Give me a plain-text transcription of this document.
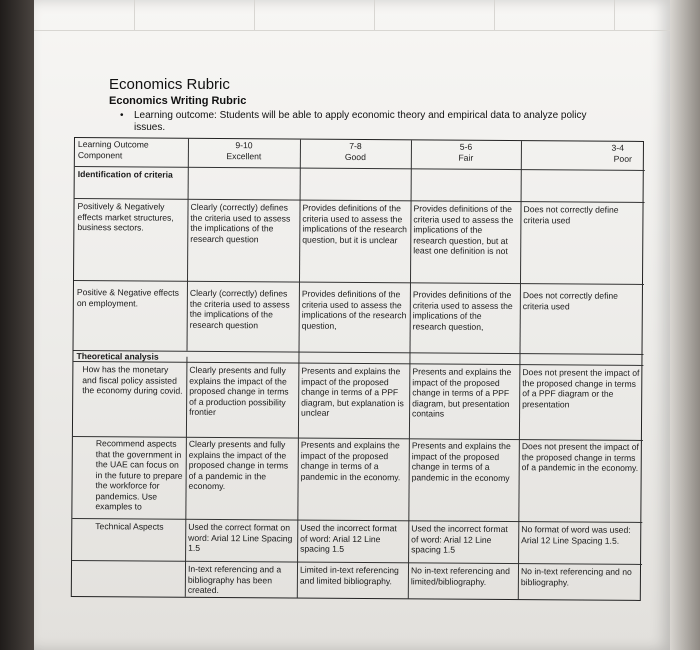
Economics Rubric
Economics Writing Rubric
• Learning outcome: Students will be able to apply economic theory and empirical data to analyze policy issues.
Learning Outcome Component
9-10
Excellent
7-8
Good
5-6
Fair
3-4
Poor
Identification of criteria
Positively & Negatively effects market structures, business sectors.
Clearly (correctly) defines the criteria used to assess the implications of the research question
Provides definitions of the criteria used to assess the implications of the research question, but it is unclear
Provides definitions of the criteria used to assess the implications of the research question, but at least one definition is not
Does not correctly define criteria used
Positive & Negative effects on employment.
Clearly (correctly) defines the criteria used to assess the implications of the research question
Provides definitions of the criteria used to assess the implications of the research question,
Provides definitions of the criteria used to assess the implications of the research question,
Does not correctly define criteria used
Theoretical analysis
How has the monetary and fiscal policy assisted the economy during covid.
Clearly presents and fully explains the impact of the proposed change in terms of a production possibility frontier
Presents and explains the impact of the proposed change in terms of a PPF diagram, but explanation is unclear
Presents and explains the impact of the proposed change in terms of a PPF diagram, but presentation contains
Does not present the impact of the proposed change in terms of a PPF diagram or the presentation
Recommend aspects that the government in the UAE can focus on in the future to prepare the workforce for pandemics. Use examples to
Clearly presents and fully explains the impact of the proposed change in terms of a pandemic in the economy.
Presents and explains the impact of the proposed change in terms of a pandemic in the economy.
Presents and explains the impact of the proposed change in terms of a pandemic in the economy
Does not present the impact of the proposed change in terms of a pandemic in the economy.
Technical Aspects	Used the correct format on word: Arial 12 Line Spacing 1.5
Used the incorrect format of word: Arial 12 Line spacing 1.5
Used the incorrect format of word: Arial 12 Line spacing 1.5
No format of word was used: Arial 12 Line Spacing 1.5.
In-text referencing and a bibliography has been created.
Limited in-text referencing and limited bibliography.
No in-text referencing and limited/bibliography.
No in-text referencing and no bibliography.
